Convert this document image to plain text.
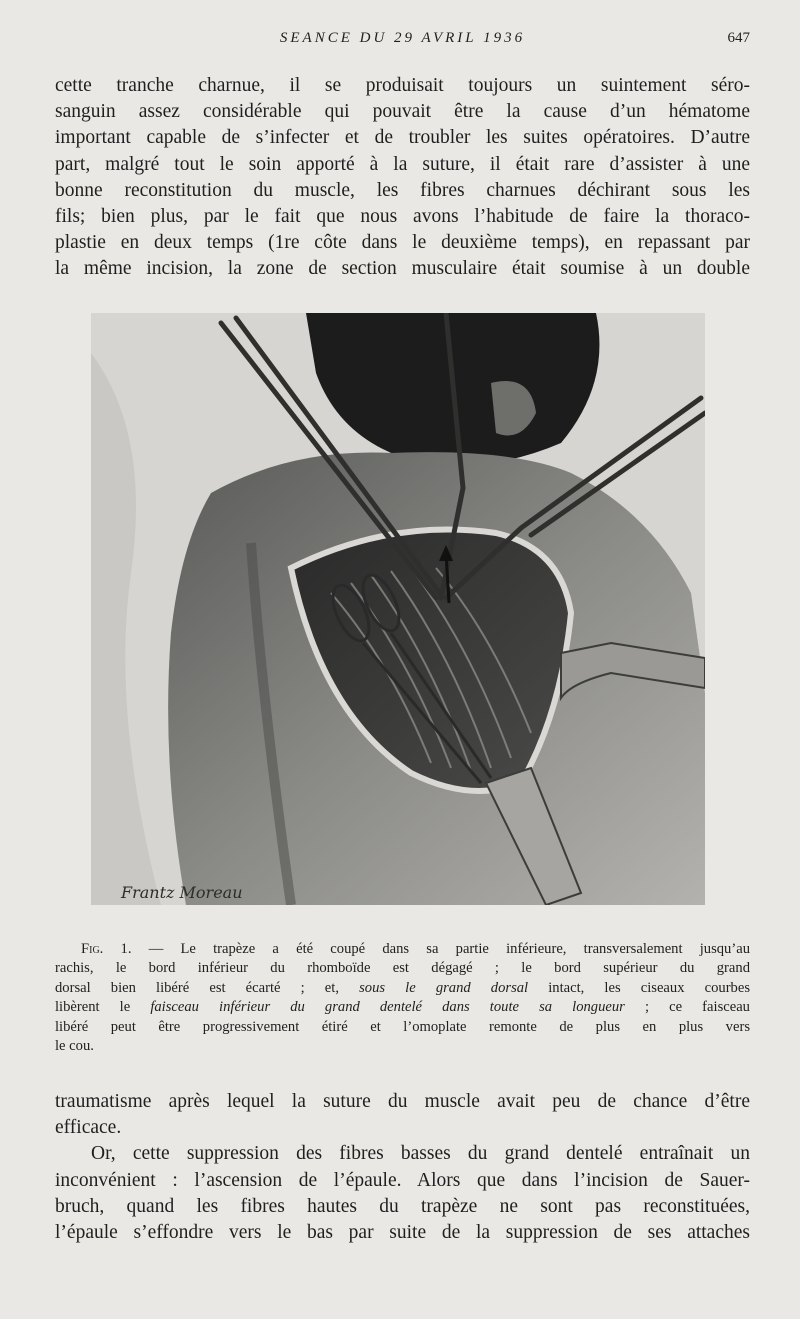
SEANCE DU 29 AVRIL 1936	647
cette tranche charnue, il se produisait toujours un suintement séro-
sanguin assez considérable qui pouvait être la cause d’un hématome
important capable de s’infecter et de troubler les suites opératoires. D’autre
part, malgré tout le soin apporté à la suture, il était rare d’assister à une
bonne reconstitution du muscle, les fibres charnues déchirant sous les
fils; bien plus, par le fait que nous avons l’habitude de faire la thoraco-
plastie en deux temps (1re côte dans le deuxième temps), en repassant par
la même incision, la zone de section musculaire était soumise à un double
Frantz Moreau
Fig. 1. — Le trapèze a été coupé dans sa partie inférieure, transversalement jusqu’au
rachis, le bord inférieur du rhomboïde est dégagé ; le bord supérieur du grand
dorsal bien libéré est écarté ; et, sous le grand dorsal intact, les ciseaux courbes
libèrent le faisceau inférieur du grand dentelé dans toute sa longueur ; ce faisceau
libéré peut être progressivement étiré et l’omoplate remonte de plus en plus vers
le cou.
traumatisme après lequel la suture du muscle avait peu de chance d’être
efficace.
Or, cette suppression des fibres basses du grand dentelé entraînait un
inconvénient : l’ascension de l’épaule. Alors que dans l’incision de Sauer-
bruch, quand les fibres hautes du trapèze ne sont pas reconstituées,
l’épaule s’effondre vers le bas par suite de la suppression de ses attaches
